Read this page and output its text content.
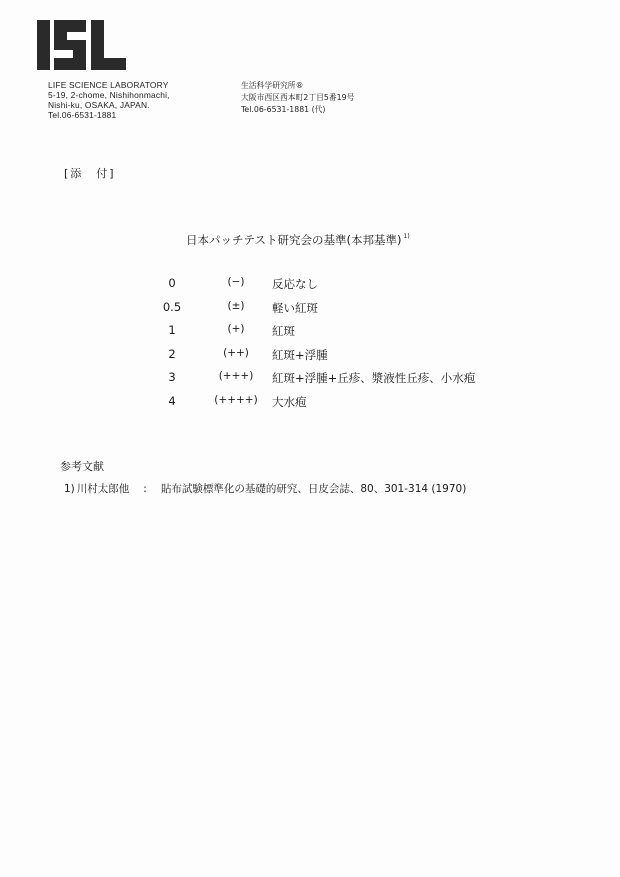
LIFE SCIENCE LABORATORY
5-19, 2-chome, Nishihonmachi,
Nishi-ku, OSAKA, JAPAN.
Tel.06-6531-1881
生活科学研究所®
大阪市西区西本町2丁目5番19号
Tel.06-6531-1881 (代)
[添　付]
日本パッチテスト研究会の基準(本邦基準) $^{1)}$
0	(−)	反応なし
0.5	(±)	軽い紅斑
1	(+)	紅斑
2	(++)	紅斑+浮腫
3	(+++)	紅斑+浮腫+丘疹、漿液性丘疹、小水疱
4	(++++)	大水疱
参考文献
1) 川村太郎他 : 貼布試験標準化の基礎的研究、日皮会誌、80、301-314 (1970)
